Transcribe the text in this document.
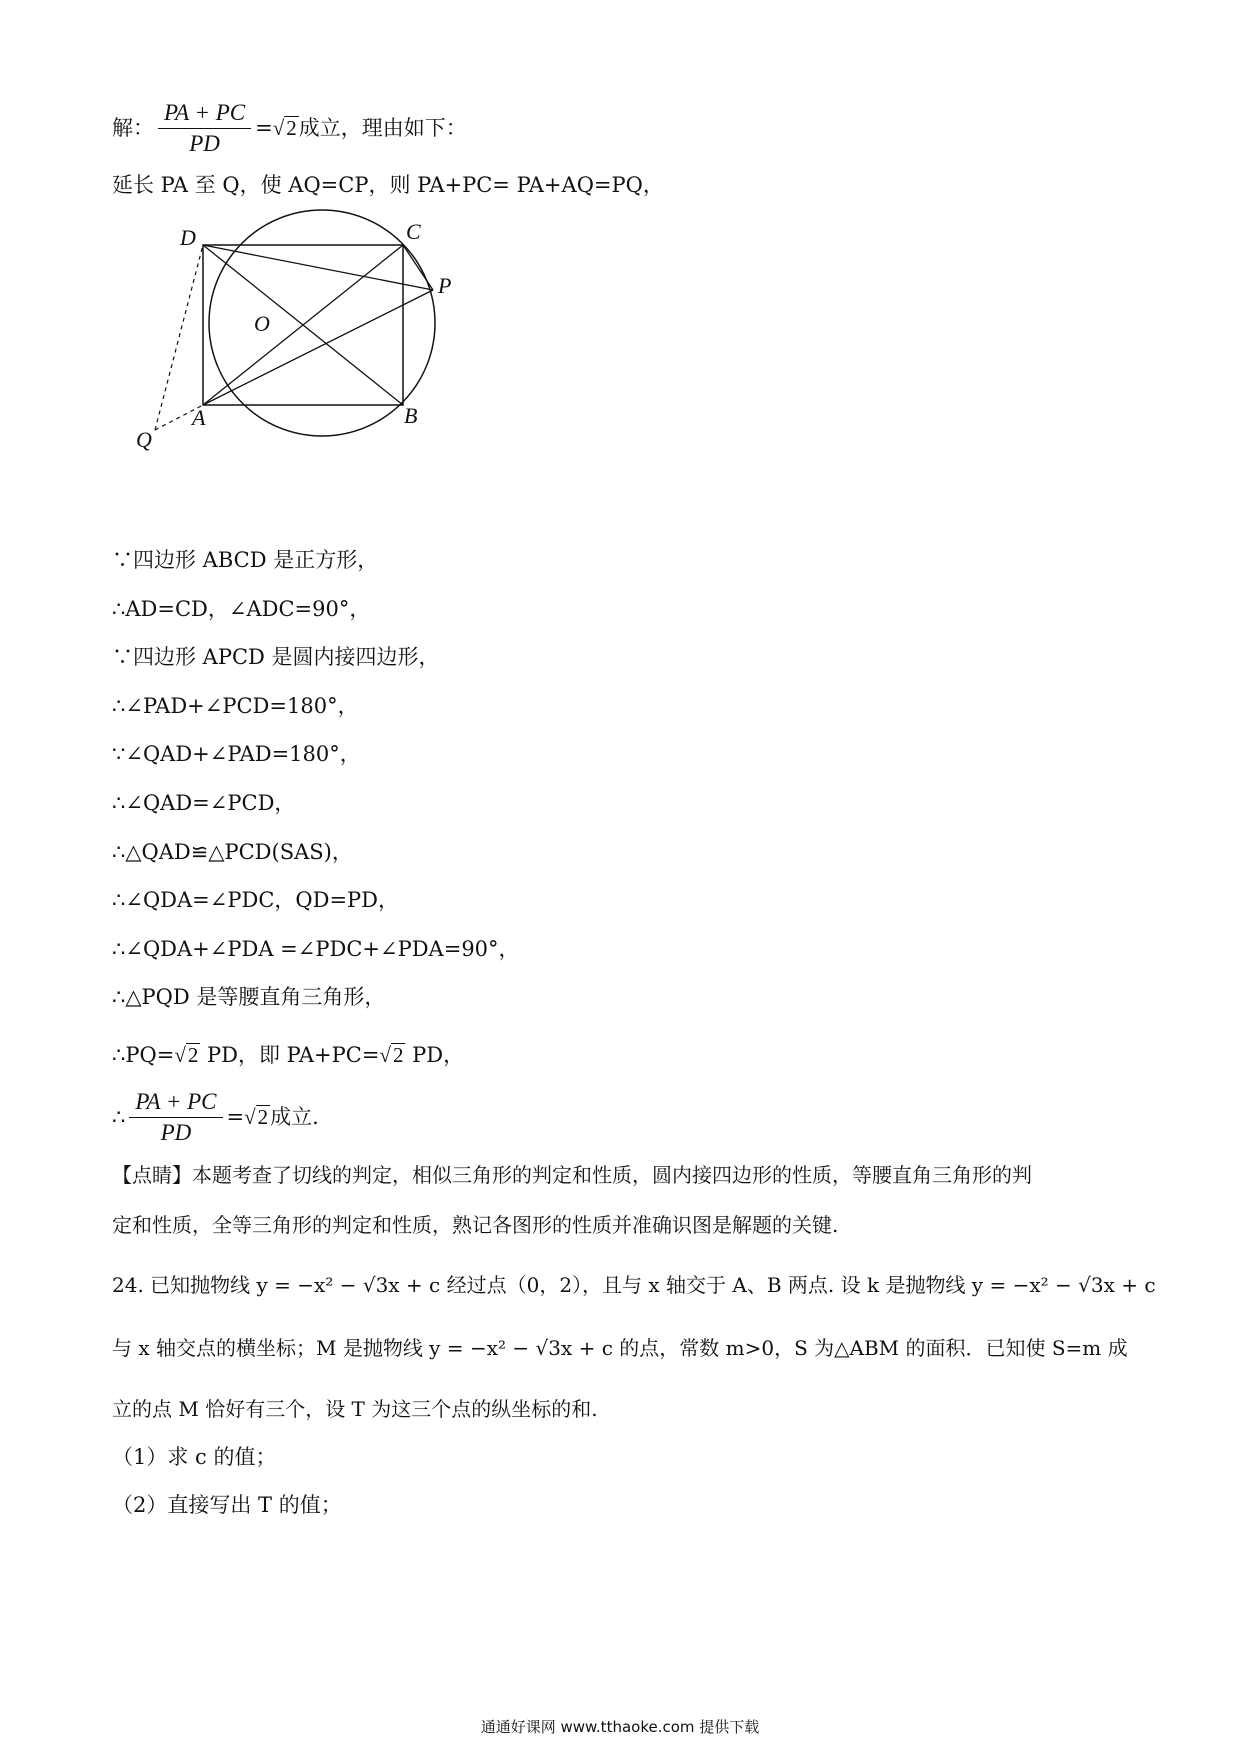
解： $\frac{PA + PC}{PD} = √2$ 成立，理由如下：
延长 PA 至 Q，使 AQ=CP，则 PA+PC= PA+AQ=PQ，
D	C
P
O
A	B
Q
∵四边形 ABCD 是正方形，
∴AD=CD，∠ADC=90°，
∵四边形 APCD 是圆内接四边形，
∴∠PAD+∠PCD=180°，
∵∠QAD+∠PAD=180°，
∴∠QAD=∠PCD，
∴△QAD≌△PCD(SAS)，
∴∠QDA=∠PDC，QD=PD，
∴∠QDA+∠PDA =∠PDC+∠PDA=90°，
∴△PQD 是等腰直角三角形，
∴PQ=√2 PD，即 PA+PC=√2 PD，
∴ $\frac{PA + PC}{PD} = √2$ 成立.
【点睛】本题考查了切线的判定，相似三角形的判定和性质，圆内接四边形的性质，等腰直角三角形的判
定和性质，全等三角形的判定和性质，熟记各图形的性质并准确识图是解题的关键.
24. 已知抛物线 y = −x² − √3x + c 经过点（0，2），且与 x 轴交于 A、B 两点. 设 k 是抛物线 y = −x² − √3x + c
与 x 轴交点的横坐标；M 是抛物线 y = −x² − √3x + c 的点，常数 m>0，S 为△ABM 的面积．已知使 S=m 成
立的点 M 恰好有三个，设 T 为这三个点的纵坐标的和.
（1）求 c 的值；
（2）直接写出 T 的值；
通通好课网 www.tthaoke.com 提供下载
